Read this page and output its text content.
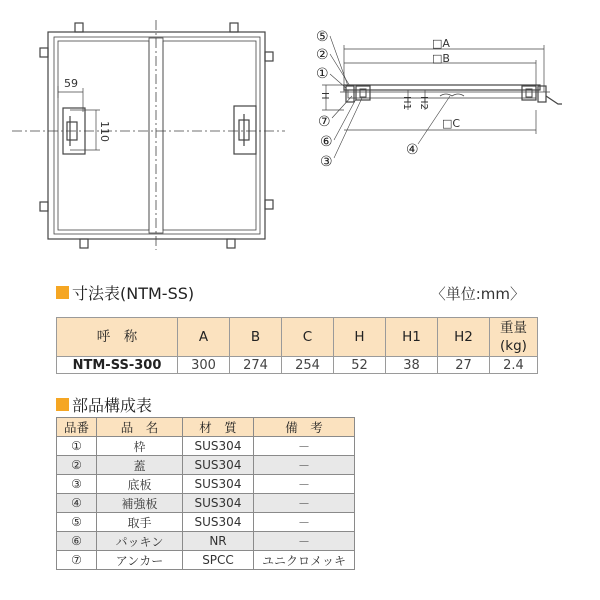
59
110
□A
□B
□C
H
H1 H2
⑤
②
①
⑦
⑥
③
④
寸法表(NTM-SS)	〈単位:mm〉
呼　称	A	B	C	H	H1	H2	重量
(kg)
NTM-SS-300	300	274	254	52	38	27	2.4
部品構成表
品番	品　名	材　質	備　考
①	枠	SUS304	－
②	蓋	SUS304	－
③	底板	SUS304	－
④	補強板	SUS304	－
⑤	取手	SUS304	－
⑥	パッキン	NR	－
⑦	アンカー	SPCC	ユニクロメッキ
